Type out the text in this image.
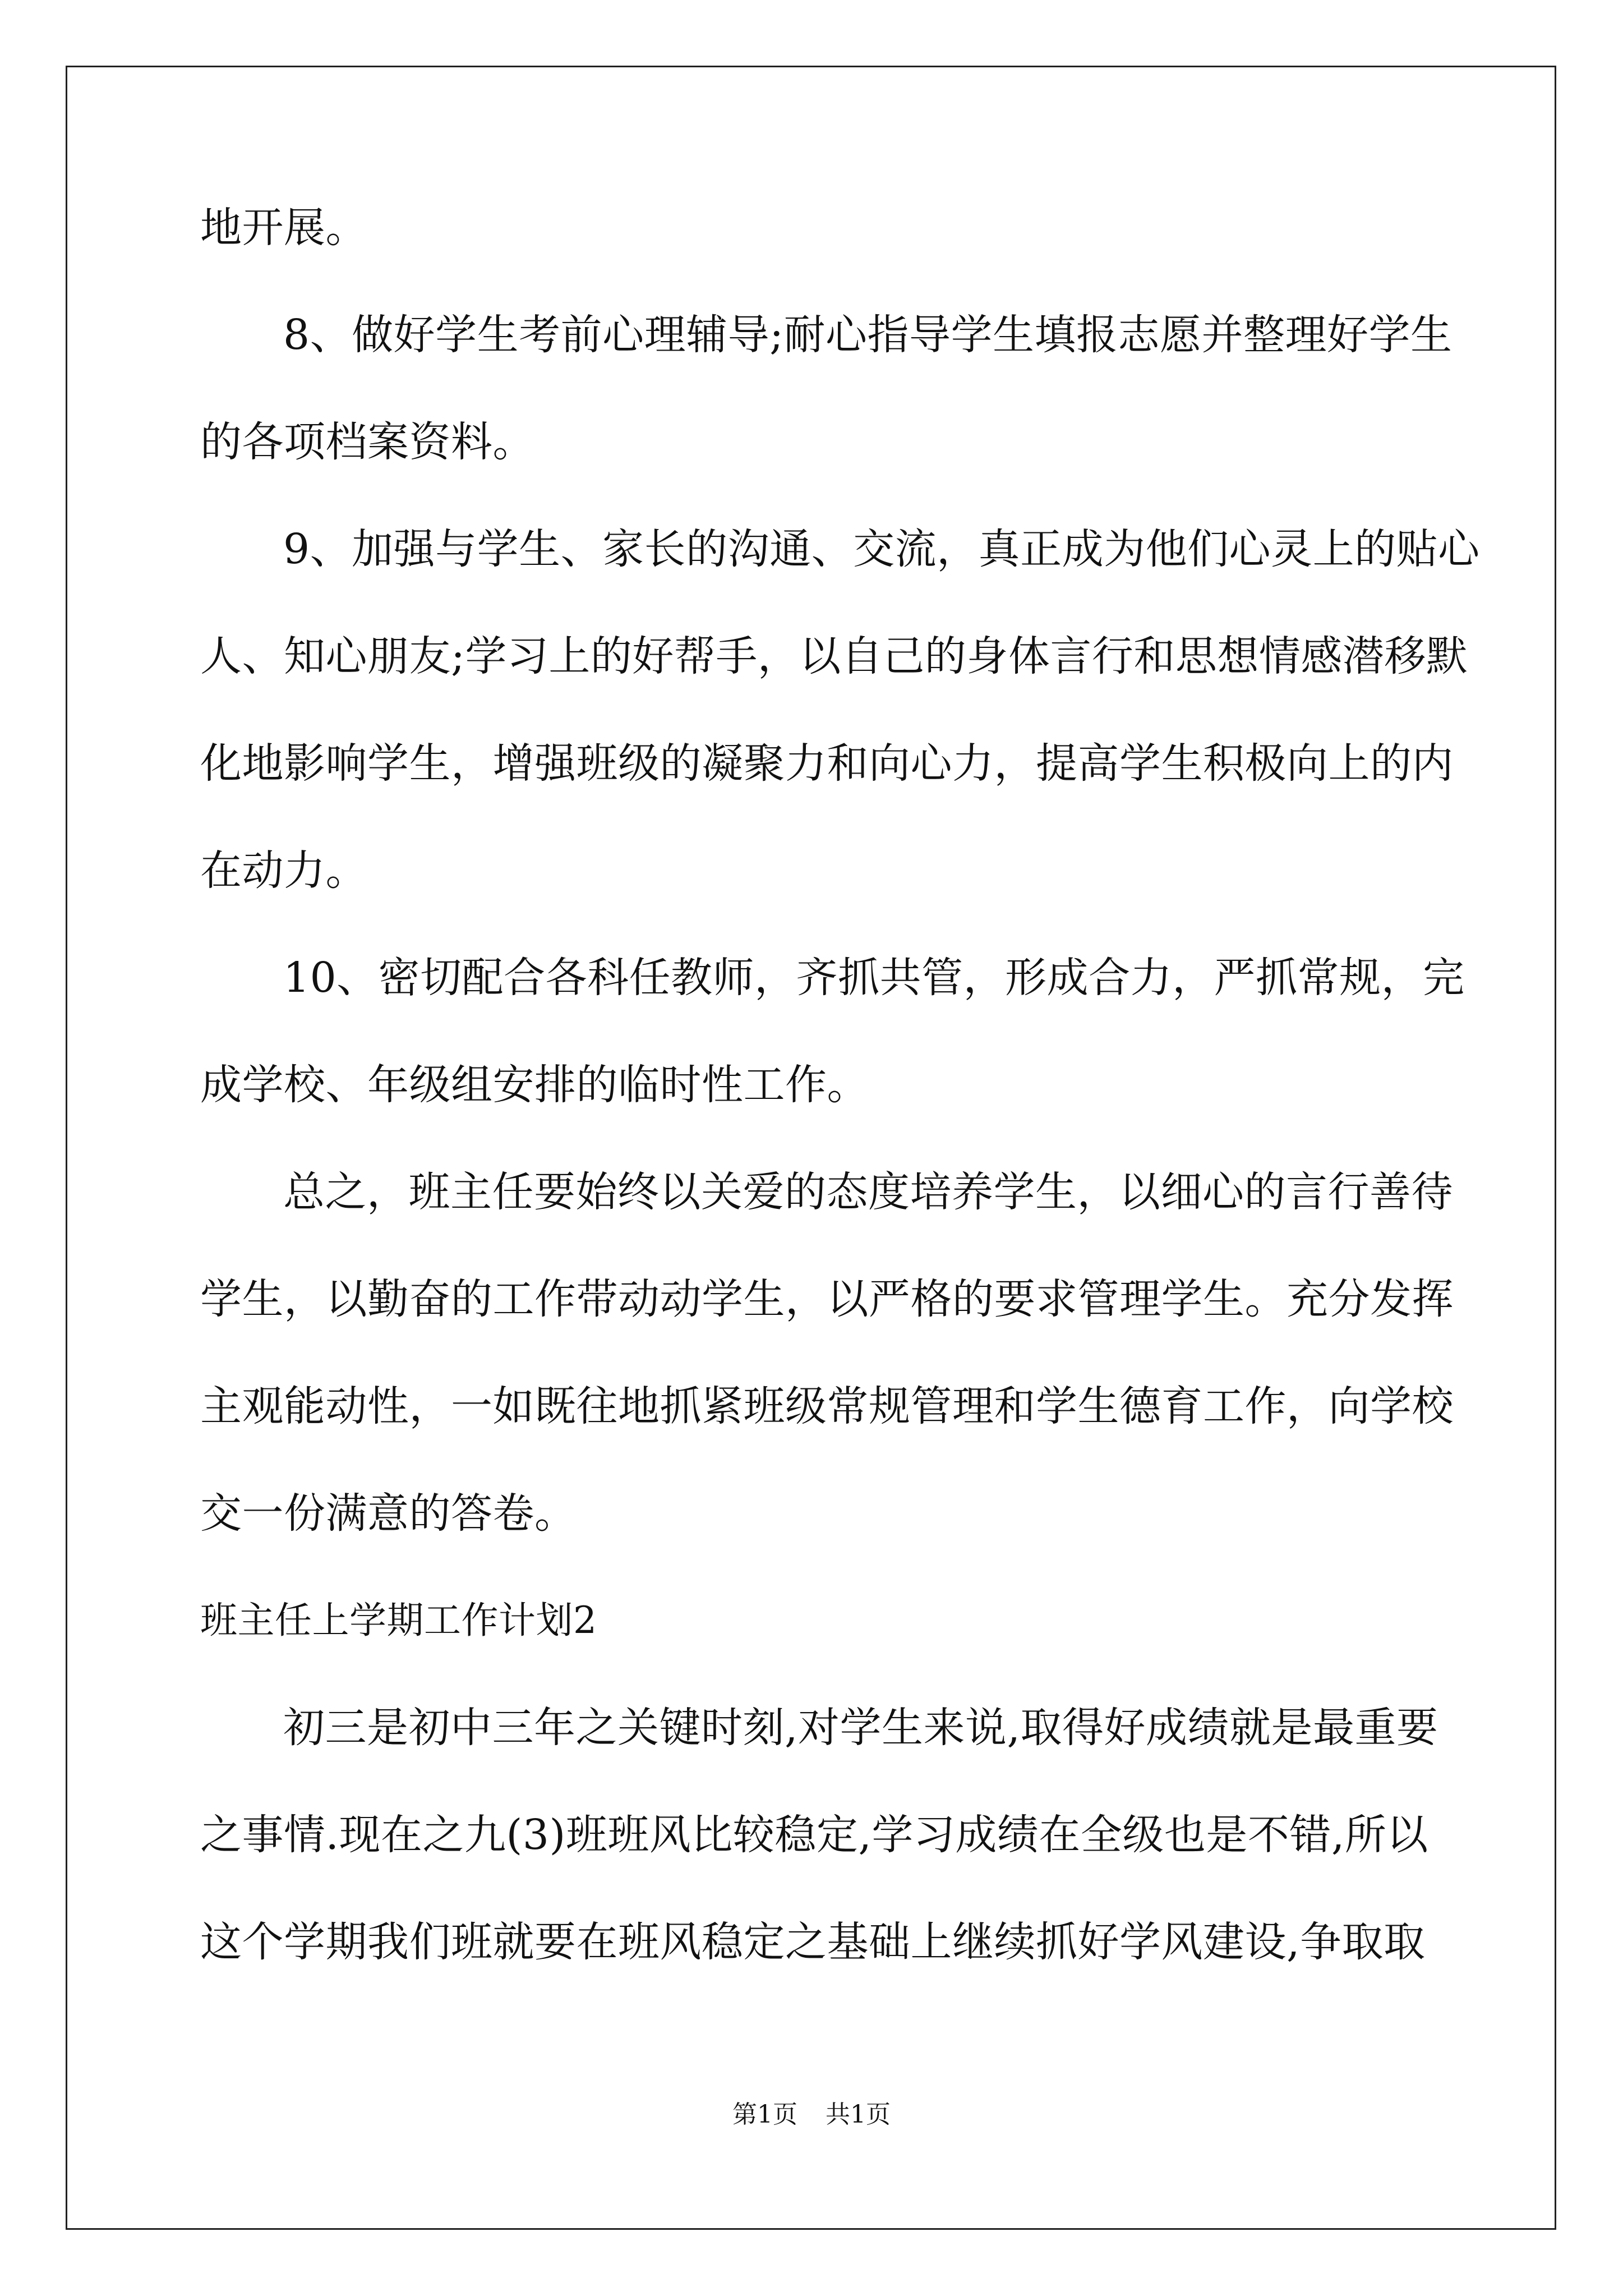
地开展。
8、做好学生考前心理辅导;耐心指导学生填报志愿并整理好学生
的各项档案资料。
9、加强与学生、家长的沟通、交流，真正成为他们心灵上的贴心
人、知心朋友;学习上的好帮手，以自己的身体言行和思想情感潜移默
化地影响学生，增强班级的凝聚力和向心力，提高学生积极向上的内
在动力。
10、密切配合各科任教师，齐抓共管，形成合力，严抓常规，完
成学校、年级组安排的临时性工作。
总之，班主任要始终以关爱的态度培养学生，以细心的言行善待
学生，以勤奋的工作带动动学生，以严格的要求管理学生。充分发挥
主观能动性，一如既往地抓紧班级常规管理和学生德育工作，向学校
交一份满意的答卷。
班主任上学期工作计划2
初三是初中三年之关键时刻,对学生来说,取得好成绩就是最重要
之事情.现在之九(3)班班风比较稳定,学习成绩在全级也是不错,所以
这个学期我们班就要在班风稳定之基础上继续抓好学风建设,争取取
第1页 共1页
